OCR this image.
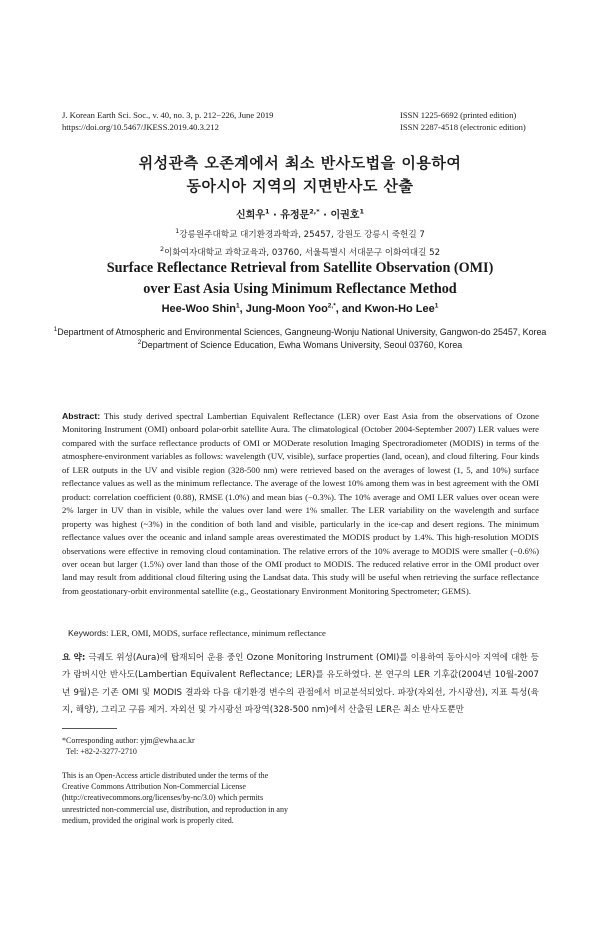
J. Korean Earth Sci. Soc., v. 40, no. 3, p. 212−226, June 2019
https://doi.org/10.5467/JKESS.2019.40.3.212
ISSN 1225-6692 (printed edition)
ISSN 2287-4518 (electronic edition)
위성관측 오존계에서 최소 반사도법을 이용하여
동아시아 지역의 지면반사도 산출
신희우$^1$ · 유정문$^{2,*}$ · 이권호$^1$
$^1$강릉원주대학교 대기환경과학과, 25457, 강원도 강릉시 죽헌길 7
$^2$이화여자대학교 과학교육과, 03760, 서울특별시 서대문구 이화여대길 52
Surface Reflectance Retrieval from Satellite Observation (OMI)
over East Asia Using Minimum Reflectance Method
Hee-Woo Shin$^1$, Jung-Moon Yoo$^{2,*}$, and Kwon-Ho Lee$^1$
$^1$Department of Atmospheric and Environmental Sciences, Gangneung-Wonju National University, Gangwon-do 25457, Korea
$^2$Department of Science Education, Ewha Womans University, Seoul 03760, Korea
Abstract: This study derived spectral Lambertian Equivalent Reflectance (LER) over East Asia from the observations of Ozone Monitoring Instrument (OMI) onboard polar-orbit satellite Aura. The climatological (October 2004-September 2007) LER values were compared with the surface reflectance products of OMI or MODerate resolution Imaging Spectroradiometer (MODIS) in terms of the atmosphere-environment variables as follows: wavelength (UV, visible), surface properties (land, ocean), and cloud filtering. Four kinds of LER outputs in the UV and visible region (328-500 nm) were retrieved based on the averages of lowest (1, 5, and 10%) surface reflectance values as well as the minimum reflectance. The average of the lowest 10% among them was in best agreement with the OMI product: correlation coefficient (0.88), RMSE (1.0%) and mean bias (−0.3%). The 10% average and OMI LER values over ocean were 2% larger in UV than in visible, while the values over land were 1% smaller. The LER variability on the wavelength and surface property was highest (~3%) in the condition of both land and visible, particularly in the ice-cap and desert regions. The minimum reflectance values over the oceanic and inland sample areas overestimated the MODIS product by 1.4%. This high-resolution MODIS observations were effective in removing cloud contamination. The relative errors of the 10% average to MODIS were smaller (−0.6%) over ocean but larger (1.5%) over land than those of the OMI product to MODIS. The reduced relative error in the OMI product over land may result from additional cloud filtering using the Landsat data. This study will be useful when retrieving the surface reflectance from geostationary-orbit environmental satellite (e.g., Geostationary Environment Monitoring Spectrometer; GEMS).
Keywords: LER, OMI, MODS, surface reflectance, minimum reflectance
요 약: 극궤도 위성(Aura)에 탑재되어 운용 중인 Ozone Monitoring Instrument (OMI)를 이용하여 동아시아 지역에 대한 등가 람버시안 반사도(Lambertian Equivalent Reflectance; LER)를 유도하였다. 본 연구의 LER 기후값(2004년 10월-2007년 9월)은 기존 OMI 및 MODIS 결과와 다음 대기환경 변수의 관점에서 비교분석되었다. 파장(자외선, 가시광선), 지표 특성(육지, 해양), 그리고 구름 제거. 자외선 및 가시광선 파장역(328-500 nm)에서 산출된 LER은 최소 반사도뿐만
*Corresponding author: yjm@ewha.ac.kr
Tel: +82-2-3277-2710
This is an Open-Access article distributed under the terms of the Creative Commons Attribution Non-Commercial License (http://creativecommons.org/licenses/by-nc/3.0) which permits unrestricted non-commercial use, distribution, and reproduction in any medium, provided the original work is properly cited.
